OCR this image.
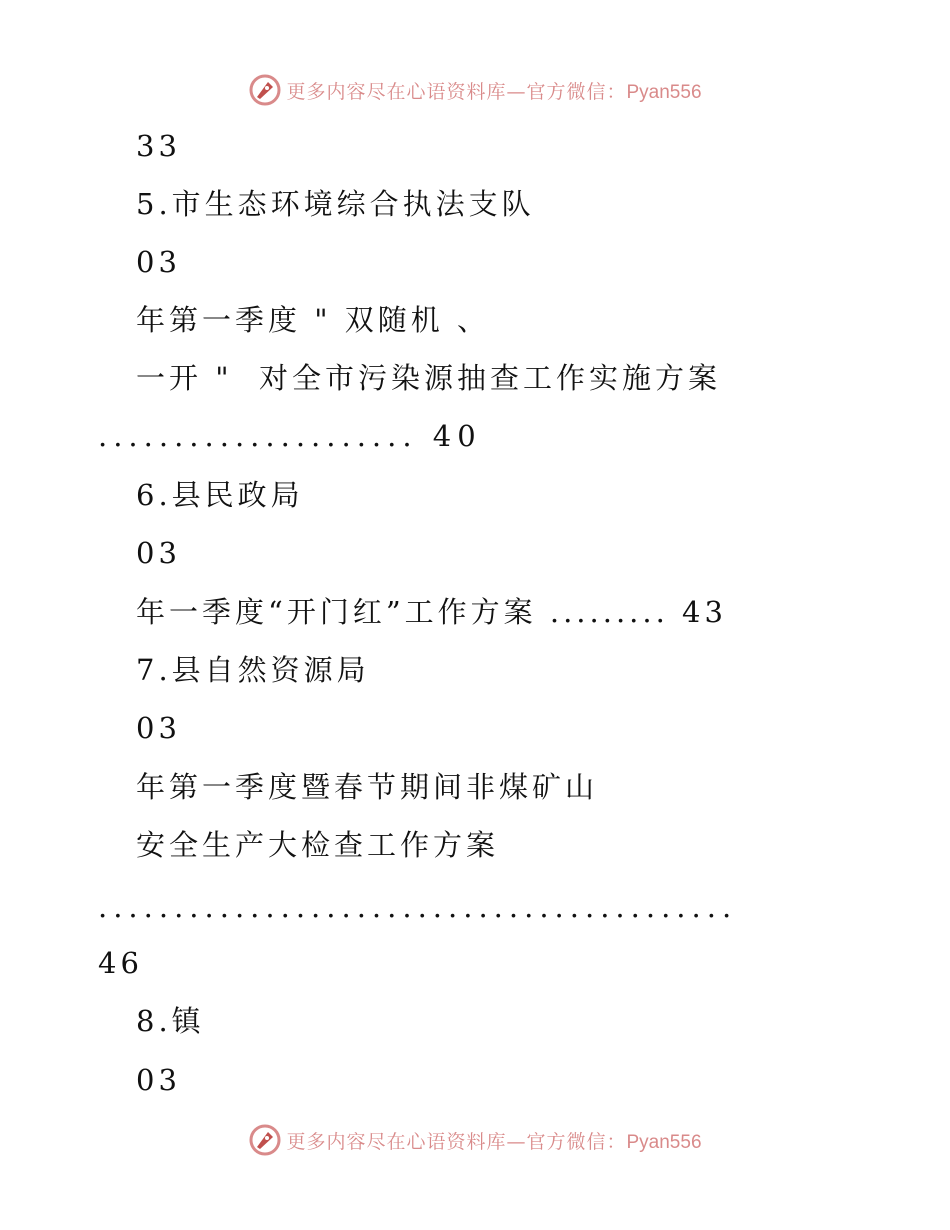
更多内容尽在心语资料库—官方微信：Pyan556
33
5.市生态环境综合执法支队
03
年第一季度 " 双随机 、
一开 "  对全市污染源抽查工作实施方案
..................... 40
6.县民政局
03
年一季度“开门红”工作方案 ......... 43
7.县自然资源局
03
年第一季度暨春节期间非煤矿山
安全生产大检查工作方案
..........................................
46
8.镇
03
更多内容尽在心语资料库—官方微信：Pyan556
